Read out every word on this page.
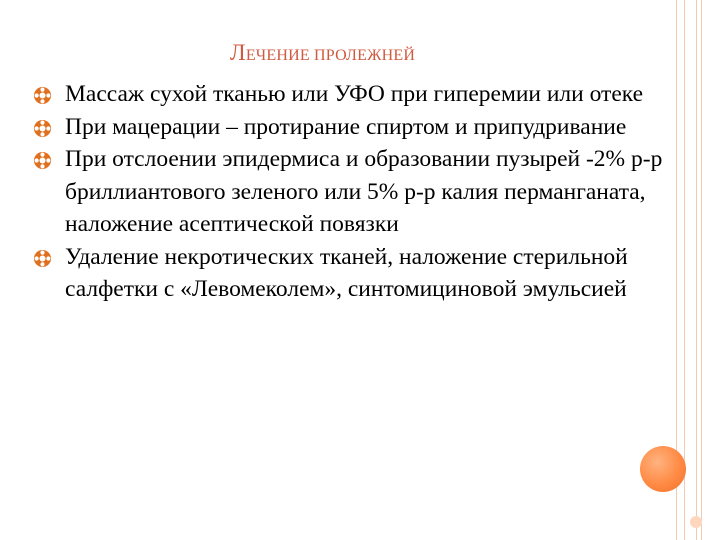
ЛЕЧЕНИЕ ПРОЛЕЖНЕЙ
Массаж сухой тканью или УФО при гиперемии или отеке
При мацерации – протирание спиртом и припудривание
При отслоении эпидермиса и образовании пузырей -2% р-р бриллиантового зеленого или 5% р-р калия перманганата, наложение асептической повязки
Удаление некротических тканей, наложение стерильной салфетки с «Левомеколем», синтомициновой эмульсией
